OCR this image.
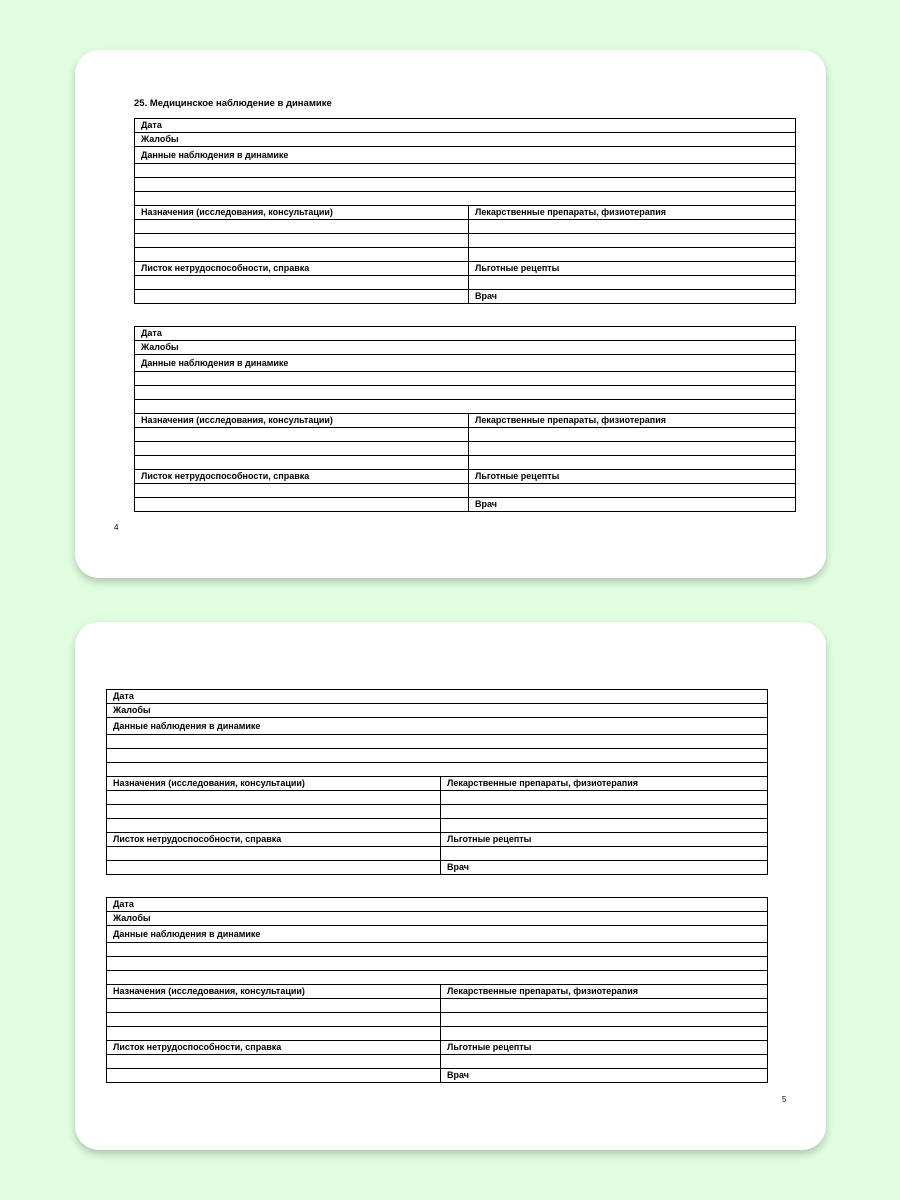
25. Медицинское наблюдение в динамике
Дата	
Жалобы	
Данные наблюдения в динамике	

Назначения (исследования, консультации)	Лекарственные препараты, физиотерапия

Листок нетрудоспособности, справка	Льготные рецепты

	Врач
Дата	
Жалобы	
Данные наблюдения в динамике	

Назначения (исследования, консультации)	Лекарственные препараты, физиотерапия

Листок нетрудоспособности, справка	Льготные рецепты

	Врач
4
Дата	
Жалобы	
Данные наблюдения в динамике	

Назначения (исследования, консультации)	Лекарственные препараты, физиотерапия

Листок нетрудоспособности, справка	Льготные рецепты

	Врач
Дата	
Жалобы	
Данные наблюдения в динамике	

Назначения (исследования, консультации)	Лекарственные препараты, физиотерапия

Листок нетрудоспособности, справка	Льготные рецепты

	Врач
5
